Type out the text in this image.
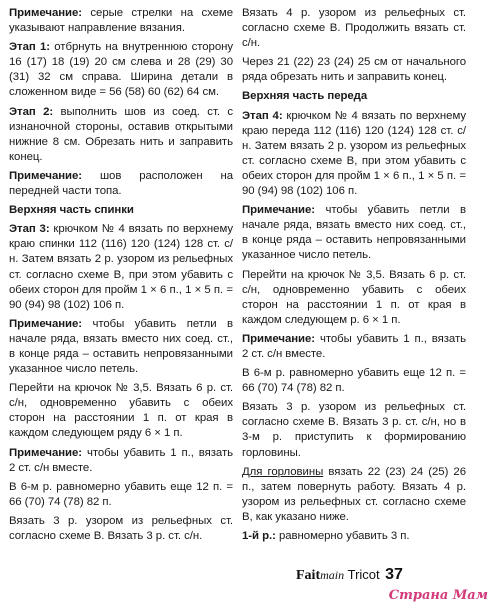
Примечание: серые стрелки на схеме указывают направление вязания.

Этап 1: отбрнуть на внутреннюю сторону 16 (17) 18 (19) 20 см слева и 28 (29) 30 (31) 32 см справа. Ширина детали в сложенном виде = 56 (58) 60 (62) 64 см.

Этап 2: выполнить шов из соед. ст. с изнаночной стороны, оставив открытыми нижние 8 см. Обрезать нить и заправить конец.

Примечание: шов расположен на передней части топа.

Верхняя часть спинки

Этап 3: крючком № 4 вязать по верхнему краю спинки 112 (116) 120 (124) 128 ст. с/н. Затем вязать 2 р. узором из рельефных ст. согласно схеме В, при этом убавить с обеих сторон для пройм 1 × 6 п., 1 × 5 п. = 90 (94) 98 (102) 106 п.

Примечание: чтобы убавить петли в начале ряда, вязать вместо них соед. ст., в конце ряда – оставить непровязанными указанное число петель.

Перейти на крючок № 3,5. Вязать 6 р. ст. с/н, одновременно убавить с обеих сторон на расстоянии 1 п. от края в каждом следующем ряду 6 × 1 п.

Примечание: чтобы убавить 1 п., вязать 2 ст. с/н вместе.

В 6-м р. равномерно убавить еще 12 п. = 66 (70) 74 (78) 82 п.

Вязать 3 р. узором из рельефных ст. согласно схеме В. Вязать 3 р. ст. с/н.

Вязать 4 р. узором из рельефных ст. согласно схеме В. Продолжить вязать ст. с/н.

Через 21 (22) 23 (24) 25 см от начального ряда обрезать нить и заправить конец.

Верхняя часть переда

Этап 4: крючком № 4 вязать по верхнему краю переда 112 (116) 120 (124) 128 ст. с/н. Затем вязать 2 р. узором из рельефных ст. согласно схеме В, при этом убавить с обеих сторон для пройм 1 × 6 п., 1 × 5 п. = 90 (94) 98 (102) 106 п.

Примечание: чтобы убавить петли в начале ряда, вязать вместо них соед. ст., в конце ряда – оставить непровязанными указанное число петель.

Перейти на крючок № 3,5. Вязать 6 р. ст. с/н, одновременно убавить с обеих сторон на расстоянии 1 п. от края в каждом следующем р. 6 × 1 п.

Примечание: чтобы убавить 1 п., вязать 2 ст. с/н вместе.

В 6-м р. равномерно убавить еще 12 п. = 66 (70) 74 (78) 82 п.

Вязать 3 р. узором из рельефных ст. согласно схеме В. Вязать 3 р. ст. с/н, но в 3-м р. приступить к формированию горловины.

Для горловины вязать 22 (23) 24 (25) 26 п., затем повернуть работу. Вязать 4 р. узором из рельефных ст. согласно схеме В, как указано ниже.

1-й р.: равномерно убавить 3 п.

Faitmain Tricot 37
Страна Мам
